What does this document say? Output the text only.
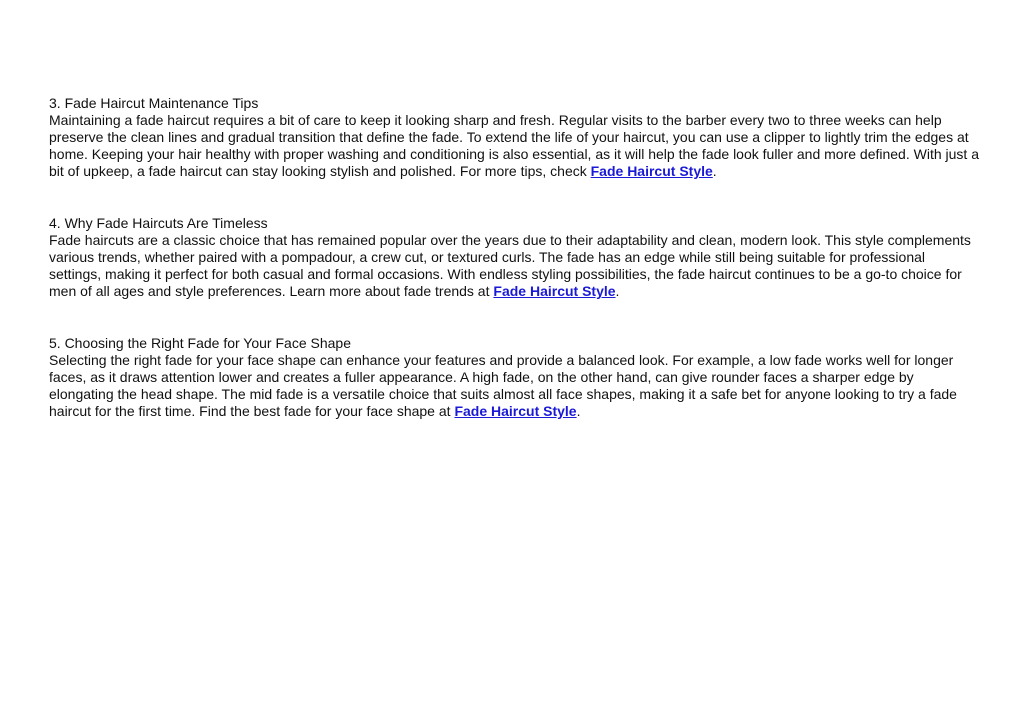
3. Fade Haircut Maintenance Tips

Maintaining a fade haircut requires a bit of care to keep it looking sharp and fresh. Regular visits to the barber every two to three weeks can help preserve the clean lines and gradual transition that define the fade. To extend the life of your haircut, you can use a clipper to lightly trim the edges at home. Keeping your hair healthy with proper washing and conditioning is also essential, as it will help the fade look fuller and more defined. With just a bit of upkeep, a fade haircut can stay looking stylish and polished. For more tips, check Fade Haircut Style.

4. Why Fade Haircuts Are Timeless

Fade haircuts are a classic choice that has remained popular over the years due to their adaptability and clean, modern look. This style complements various trends, whether paired with a pompadour, a crew cut, or textured curls. The fade has an edge while still being suitable for professional settings, making it perfect for both casual and formal occasions. With endless styling possibilities, the fade haircut continues to be a go-to choice for men of all ages and style preferences. Learn more about fade trends at Fade Haircut Style.

5. Choosing the Right Fade for Your Face Shape

Selecting the right fade for your face shape can enhance your features and provide a balanced look. For example, a low fade works well for longer faces, as it draws attention lower and creates a fuller appearance. A high fade, on the other hand, can give rounder faces a sharper edge by elongating the head shape. The mid fade is a versatile choice that suits almost all face shapes, making it a safe bet for anyone looking to try a fade haircut for the first time. Find the best fade for your face shape at Fade Haircut Style.
